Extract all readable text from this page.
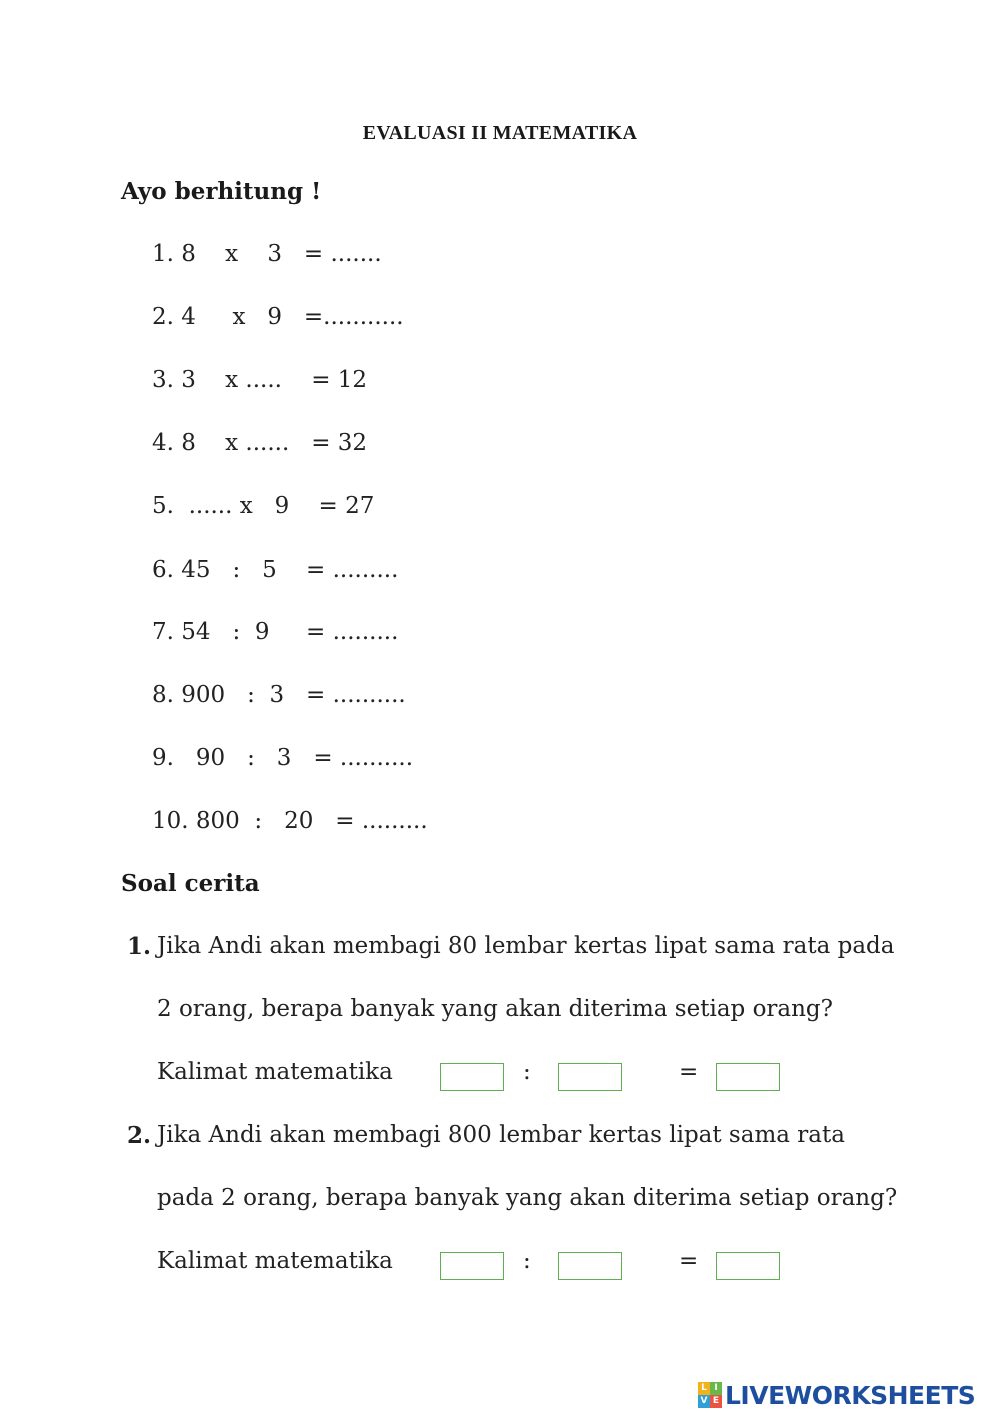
EVALUASI II MATEMATIKA
Ayo berhitung !
1. 8    x    3   = .......
2. 4     x   9   =...........
3. 3    x .....    = 12
4. 8    x ......   = 32
5.  ...... x   9    = 27
6. 45   :   5    = .........
7. 54   :  9     = .........
8. 900   :  3   = ..........
9.   90   :   3   = ..........
10. 800  :   20   = .........
Soal cerita
1. Jika Andi akan membagi 80 lembar kertas lipat sama rata pada
2 orang, berapa banyak yang akan diterima setiap orang?
Kalimat matematika	:	=
2. Jika Andi akan membagi 800 lembar kertas lipat sama rata
pada 2 orang, berapa banyak yang akan diterima setiap orang?
Kalimat matematika	:	=
L I
V E LIVEWORKSHEETS
